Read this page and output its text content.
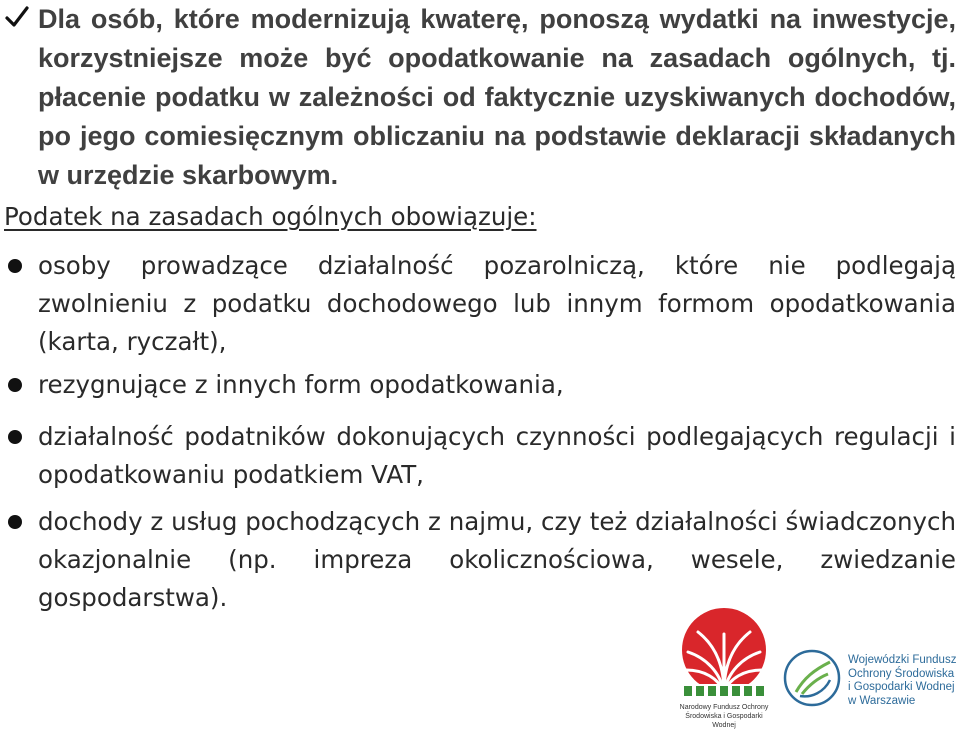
Dla osób, które modernizują kwaterę, ponoszą wydatki na inwestycje, korzystniejsze może być opodatkowanie na zasadach ogólnych, tj. płacenie podatku w zależności od faktycznie uzyskiwanych dochodów, po jego comiesięcznym obliczaniu na podstawie deklaracji składanych w urzędzie skarbowym.

Podatek na zasadach ogólnych obowiązuje:

osoby prowadzące działalność pozarolniczą, które nie podlegają zwolnieniu z podatku dochodowego lub innym formom opodatkowania (karta, ryczałt),

rezygnujące z innych form opodatkowania,

działalność podatników dokonujących czynności podlegających regulacji i opodatkowaniu podatkiem VAT,

dochody z usług pochodzących z najmu, czy też działalności świadczonych okazjonalnie (np. impreza okolicznościowa, wesele, zwiedzanie gospodarstwa).

Narodowy Fundusz Ochrony
Środowiska i Gospodarki Wodnej

Wojewódzki Fundusz
Ochrony Środowiska
i Gospodarki Wodnej
w Warszawie
